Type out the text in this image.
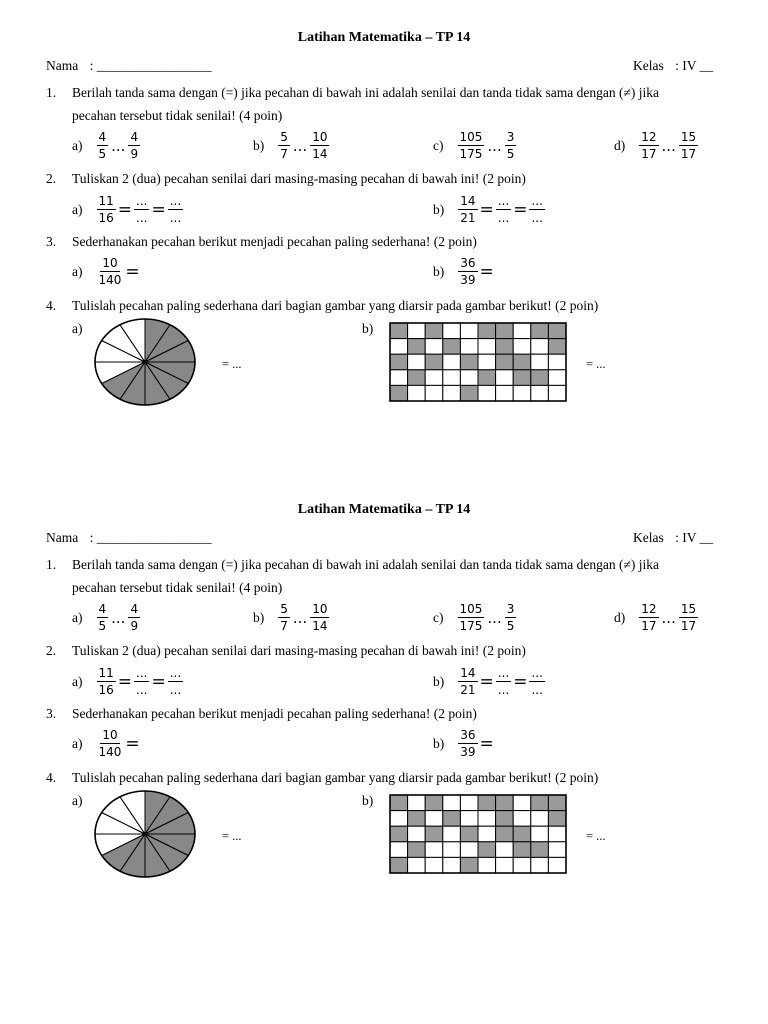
Latihan Matematika – TP 14
Nama : _________________	Kelas : IV __
1. Berilah tanda sama dengan (=) jika pecahan di bawah ini adalah senilai dan tanda tidak sama dengan (≠) jika
pecahan tersebut tidak senilai! (4 poin)
$a) \frac{4}{5}$ ... $\frac{4}{9}$	$b) \frac{5}{7}$ ... $\frac{10}{14}$	$c) \frac{105}{175}$ ... $\frac{3}{5}$	$d) \frac{12}{17}$ ... $\frac{15}{17}$
2. Tuliskan 2 (dua) pecahan senilai dari masing-masing pecahan di bawah ini! (2 poin)
$a) \frac{11}{16}$ = ...
... = ...
...
$b) \frac{14}{21}$ = ...
... = ...
...
3. Sederhanakan pecahan berikut menjadi pecahan paling sederhana! (2 poin)
$a) \frac{10}{140}$ =	$b) \frac{36}{39}$ =
4. Tulislah pecahan paling sederhana dari bagian gambar yang diarsir pada gambar berikut! (2 poin)
a)	b)
= ...	= ...
Latihan Matematika – TP 14
Nama : _________________	Kelas : IV __
1. Berilah tanda sama dengan (=) jika pecahan di bawah ini adalah senilai dan tanda tidak sama dengan (≠) jika
pecahan tersebut tidak senilai! (4 poin)
$a) \frac{4}{5}$ ... $\frac{4}{9}$	$b) \frac{5}{7}$ ... $\frac{10}{14}$	$c) \frac{105}{175}$ ... $\frac{3}{5}$	$d) \frac{12}{17}$ ... $\frac{15}{17}$
2. Tuliskan 2 (dua) pecahan senilai dari masing-masing pecahan di bawah ini! (2 poin)
$a) \frac{11}{16}$ = ...
... = ...
...
$b) \frac{14}{21}$ = ...
... = ...
...
3. Sederhanakan pecahan berikut menjadi pecahan paling sederhana! (2 poin)
$a) \frac{10}{140}$ =	$b) \frac{36}{39}$ =
4. Tulislah pecahan paling sederhana dari bagian gambar yang diarsir pada gambar berikut! (2 poin)
a)	b)
= ...	= ...
